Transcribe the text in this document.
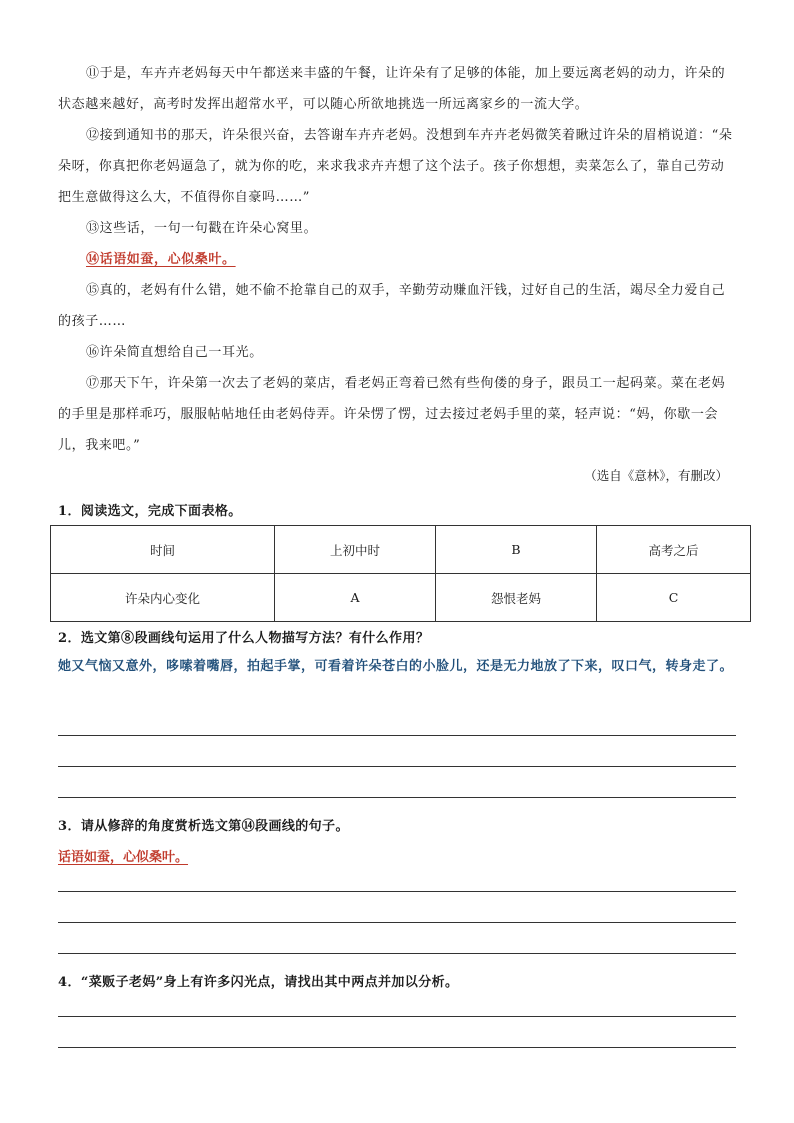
⑪于是，车卉卉老妈每天中午都送来丰盛的午餐，让许朵有了足够的体能，加上要远离老妈的动力，许朵的状态越来越好，高考时发挥出超常水平，可以随心所欲地挑选一所远离家乡的一流大学。

⑫接到通知书的那天，许朵很兴奋，去答谢车卉卉老妈。没想到车卉卉老妈微笑着瞅过许朵的眉梢说道：“朵朵呀，你真把你老妈逼急了，就为你的吃，来求我求卉卉想了这个法子。孩子你想想，卖菜怎么了，靠自己劳动把生意做得这么大，不值得你自豪吗……”

⑬这些话，一句一句戳在许朵心窝里。

⑭话语如蚕，心似桑叶。

⑮真的，老妈有什么错，她不偷不抢靠自己的双手，辛勤劳动赚血汗钱，过好自己的生活，竭尽全力爱自己的孩子……

⑯许朵简直想给自己一耳光。

⑰那天下午，许朵第一次去了老妈的菜店，看老妈正弯着已然有些佝偻的身子，跟员工一起码菜。菜在老妈的手里是那样乖巧，服服帖帖地任由老妈侍弄。许朵愣了愣，过去接过老妈手里的菜，轻声说：“妈，你歇一会儿，我来吧。”

（选自《意林》，有删改）
1．阅读选文，完成下面表格。
时间	上初中时	B	高考之后
许朵内心变化	A	怨恨老妈	C
2．选文第⑧段画线句运用了什么人物描写方法？有什么作用？
她又气恼又意外，哆嗦着嘴唇，拍起手掌，可看着许朵苍白的小脸儿，还是无力地放了下来，叹口气，转身走了。
3．请从修辞的角度赏析选文第⑭段画线的句子。
话语如蚕，心似桑叶。
4．“菜贩子老妈”身上有许多闪光点，请找出其中两点并加以分析。
